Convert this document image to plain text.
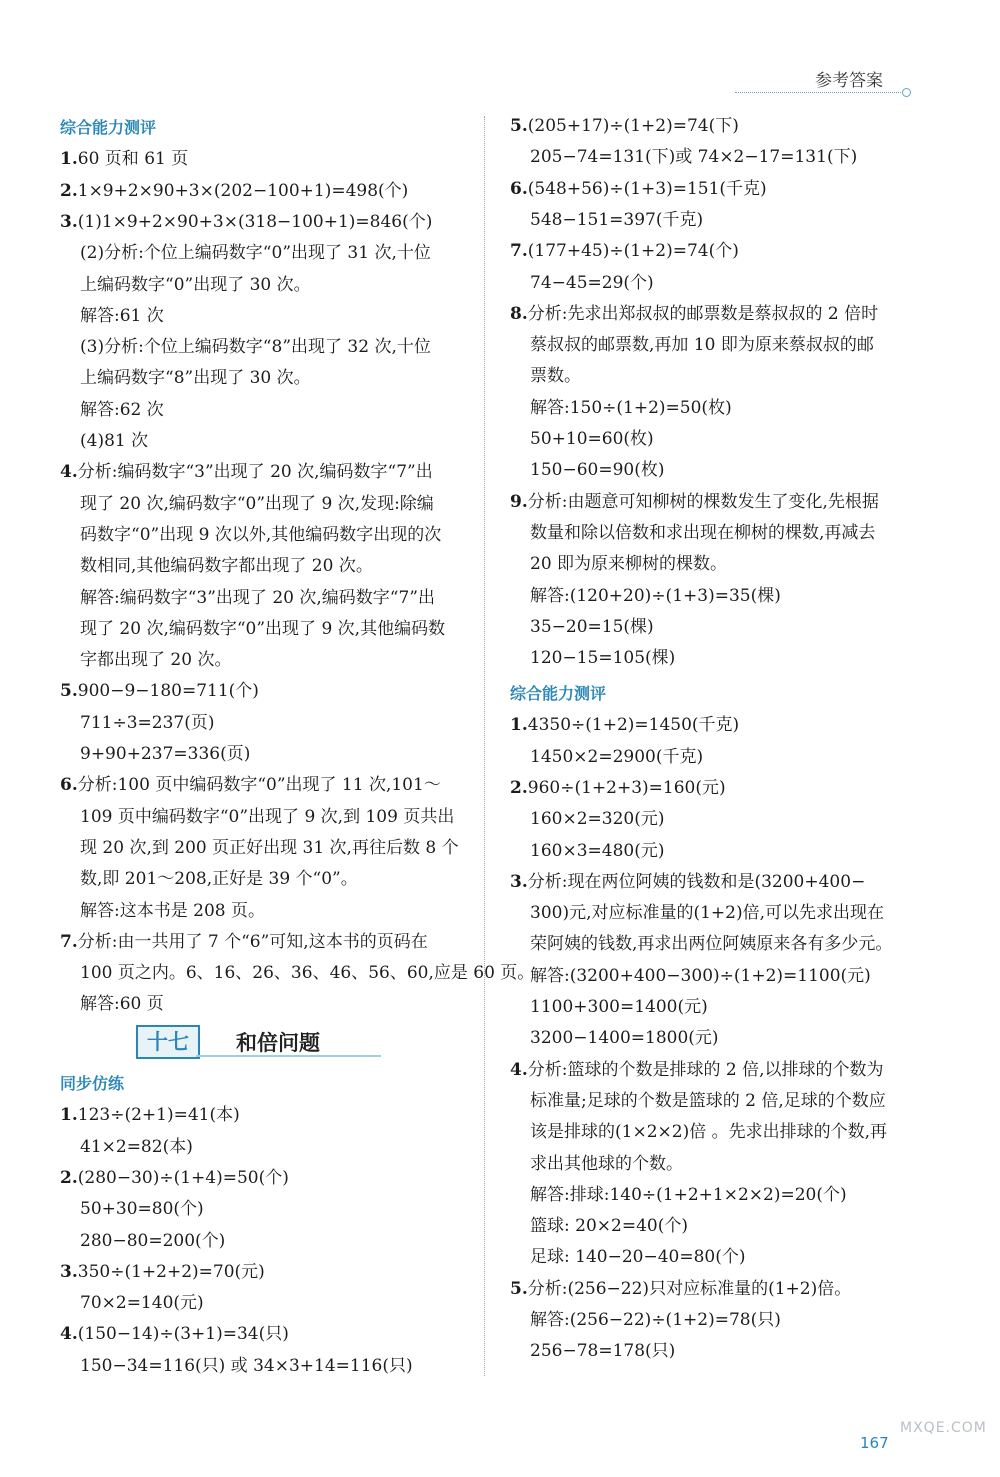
参考答案
综合能力测评
1.60 页和 61 页
2.1×9+2×90+3×(202−100+1)=498(个)
3.(1)1×9+2×90+3×(318−100+1)=846(个)
(2)分析:个位上编码数字“0”出现了 31 次,十位
上编码数字“0”出现了 30 次。
解答:61 次
(3)分析:个位上编码数字“8”出现了 32 次,十位
上编码数字“8”出现了 30 次。
解答:62 次
(4)81 次
4.分析:编码数字“3”出现了 20 次,编码数字“7”出
现了 20 次,编码数字“0”出现了 9 次,发现:除编
码数字“0”出现 9 次以外,其他编码数字出现的次
数相同,其他编码数字都出现了 20 次。
解答:编码数字“3”出现了 20 次,编码数字“7”出
现了 20 次,编码数字“0”出现了 9 次,其他编码数
字都出现了 20 次。
5.900−9−180=711(个)
711÷3=237(页)
9+90+237=336(页)
6.分析:100 页中编码数字“0”出现了 11 次,101～
109 页中编码数字“0”出现了 9 次,到 109 页共出
现 20 次,到 200 页正好出现 31 次,再往后数 8 个
数,即 201～208,正好是 39 个“0”。
解答:这本书是 208 页。
7.分析:由一共用了 7 个“6”可知,这本书的页码在
100 页之内。6、16、26、36、46、56、60,应是 60 页。
解答:60 页
同步仿练
1.123÷(2+1)=41(本)
41×2=82(本)
2.(280−30)÷(1+4)=50(个)
50+30=80(个)
280−80=200(个)
3.350÷(1+2+2)=70(元)
70×2=140(元)
4.(150−14)÷(3+1)=34(只)
150−34=116(只) 或 34×3+14=116(只)
5.(205+17)÷(1+2)=74(下)
205−74=131(下)或 74×2−17=131(下)
6.(548+56)÷(1+3)=151(千克)
548−151=397(千克)
7.(177+45)÷(1+2)=74(个)
74−45=29(个)
8.分析:先求出郑叔叔的邮票数是蔡叔叔的 2 倍时
蔡叔叔的邮票数,再加 10 即为原来蔡叔叔的邮
票数。
解答:150÷(1+2)=50(枚)
50+10=60(枚)
150−60=90(枚)
9.分析:由题意可知柳树的棵数发生了变化,先根据
数量和除以倍数和求出现在柳树的棵数,再减去
20 即为原来柳树的棵数。
解答:(120+20)÷(1+3)=35(棵)
35−20=15(棵)
120−15=105(棵)
综合能力测评
1.4350÷(1+2)=1450(千克)
1450×2=2900(千克)
2.960÷(1+2+3)=160(元)
160×2=320(元)
160×3=480(元)
3.分析:现在两位阿姨的钱数和是(3200+400−
300)元,对应标准量的(1+2)倍,可以先求出现在
荣阿姨的钱数,再求出两位阿姨原来各有多少元。
解答:(3200+400−300)÷(1+2)=1100(元)
1100+300=1400(元)
3200−1400=1800(元)
4.分析:篮球的个数是排球的 2 倍,以排球的个数为
标准量;足球的个数是篮球的 2 倍,足球的个数应
该是排球的(1×2×2)倍 。先求出排球的个数,再
求出其他球的个数。
解答:排球:140÷(1+2+1×2×2)=20(个)
篮球: 20×2=40(个)
足球: 140−20−40=80(个)
5.分析:(256−22)只对应标准量的(1+2)倍。
解答:(256−22)÷(1+2)=78(只)
256−78=178(只)
十七	和倍问题
167
MXQE.COM
